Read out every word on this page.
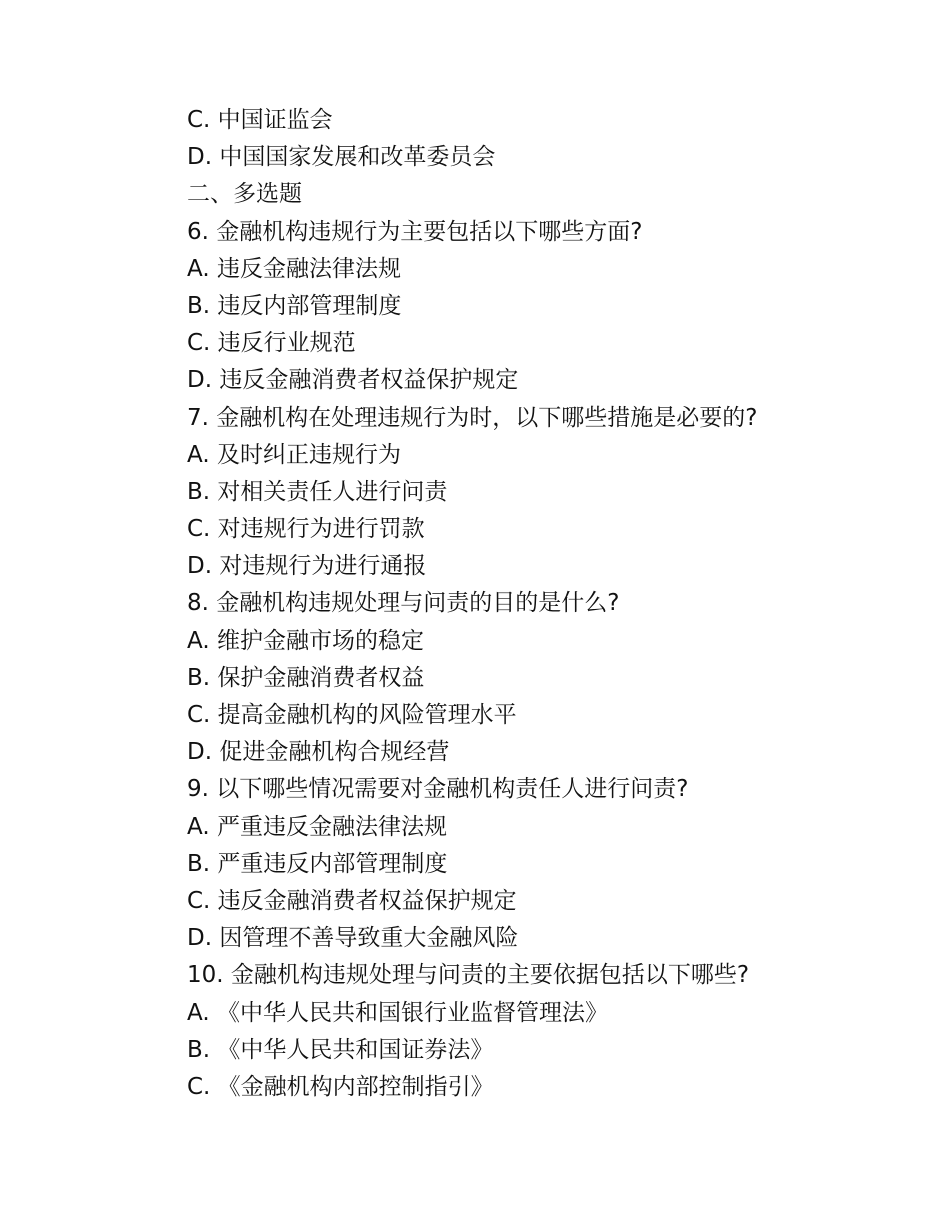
C. 中国证监会
D. 中国国家发展和改革委员会
二、多选题
6. 金融机构违规行为主要包括以下哪些方面?
A. 违反金融法律法规
B. 违反内部管理制度
C. 违反行业规范
D. 违反金融消费者权益保护规定
7. 金融机构在处理违规行为时，以下哪些措施是必要的?
A. 及时纠正违规行为
B. 对相关责任人进行问责
C. 对违规行为进行罚款
D. 对违规行为进行通报
8. 金融机构违规处理与问责的目的是什么?
A. 维护金融市场的稳定
B. 保护金融消费者权益
C. 提高金融机构的风险管理水平
D. 促进金融机构合规经营
9. 以下哪些情况需要对金融机构责任人进行问责?
A. 严重违反金融法律法规
B. 严重违反内部管理制度
C. 违反金融消费者权益保护规定
D. 因管理不善导致重大金融风险
10. 金融机构违规处理与问责的主要依据包括以下哪些?
A. 《中华人民共和国银行业监督管理法》
B. 《中华人民共和国证券法》
C. 《金融机构内部控制指引》
